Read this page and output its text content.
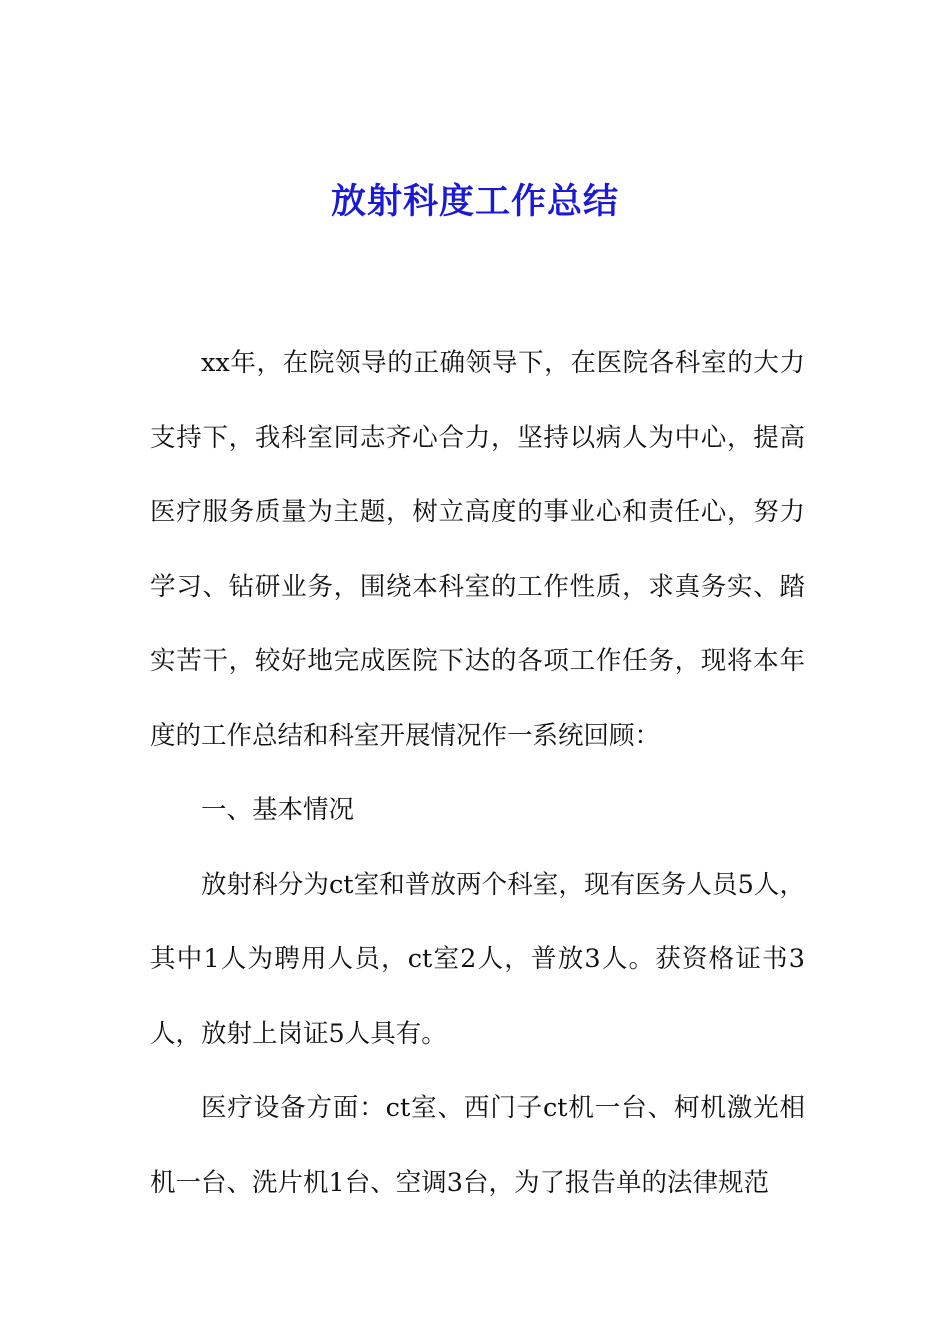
放射科度工作总结

xx年，在院领导的正确领导下，在医院各科室的大力支持下，我科室同志齐心合力，坚持以病人为中心，提高医疗服务质量为主题，树立高度的事业心和责任心，努力学习、钻研业务，围绕本科室的工作性质，求真务实、踏实苦干，较好地完成医院下达的各项工作任务，现将本年度的工作总结和科室开展情况作一系统回顾：

一、基本情况

放射科分为ct室和普放两个科室，现有医务人员5人，其中1人为聘用人员，ct室2人，普放3人。获资格证书3人，放射上岗证5人具有。

医疗设备方面：ct室、西门子ct机一台、柯机激光相机一台、洗片机1台、空调3台，为了报告单的法律规范
